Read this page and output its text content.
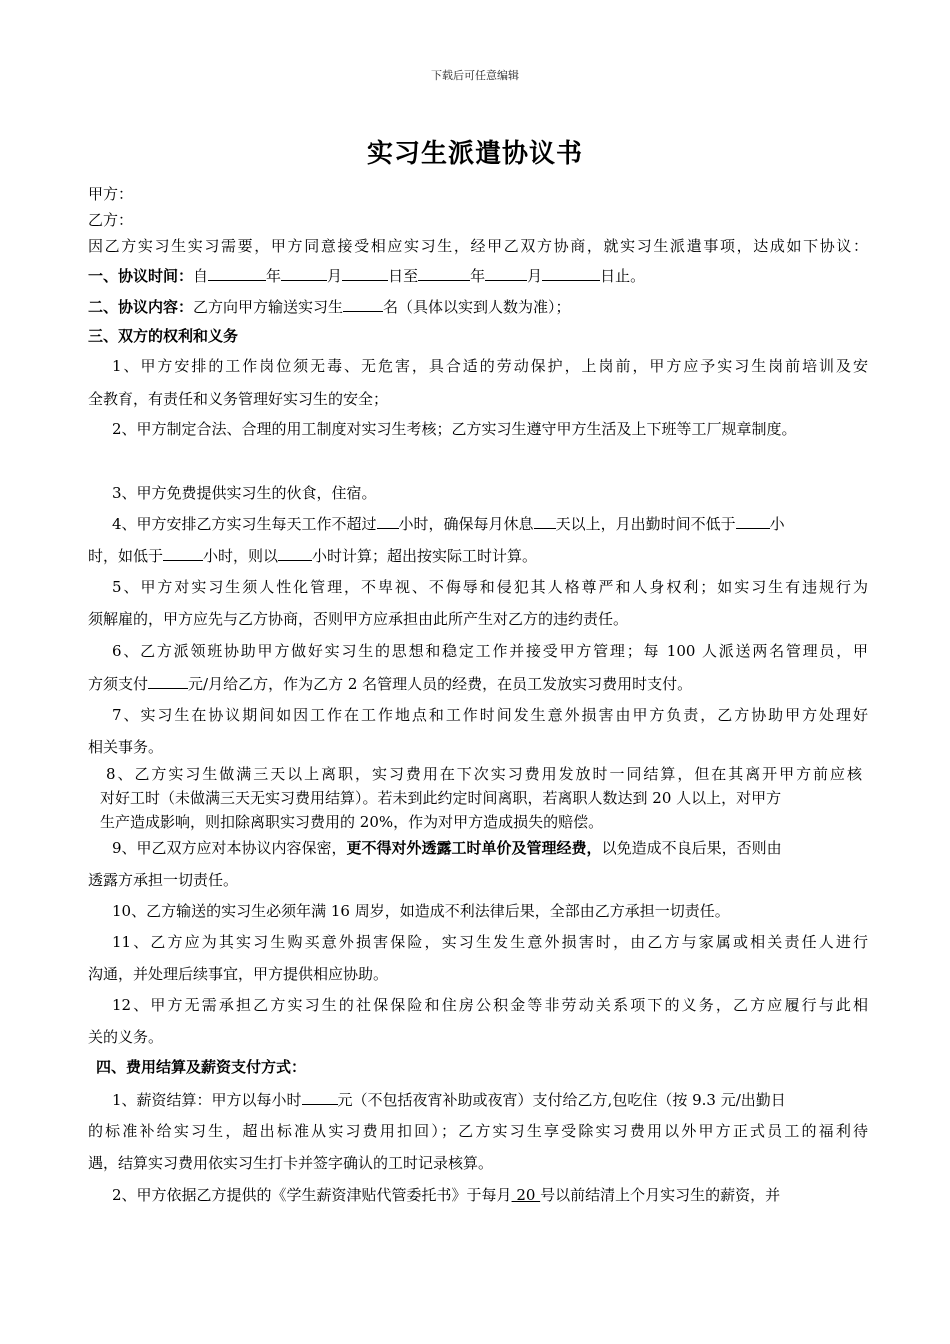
下载后可任意编辑
实习生派遣协议书
甲方：
乙方：
因乙方实习生实习需要，甲方同意接受相应实习生，经甲乙双方协商，就实习生派遣事项，达成如下协议：
一、协议时间：自	年	月	日至	年	月	日止。
二、协议内容：乙方向甲方输送实习生	名（具体以实到人数为准）；
三、双方的权利和义务
1、甲方安排的工作岗位须无毒、无危害，具合适的劳动保护，上岗前，甲方应予实习生岗前培训及安
全教育，有责任和义务管理好实习生的安全；
2、甲方制定合法、合理的用工制度对实习生考核；乙方实习生遵守甲方生活及上下班等工厂规章制度。
3、甲方免费提供实习生的伙食，住宿。
4、甲方安排乙方实习生每天工作不超过 小时，确保每月休息 天以上，月出勤时间不低于 小
时，如低于	小时，则以 小时计算；超出按实际工时计算。
5、甲方对实习生须人性化管理，不卑视、不侮辱和侵犯其人格尊严和人身权利；如实习生有违规行为
须解雇的，甲方应先与乙方协商，否则甲方应承担由此所产生对乙方的违约责任。
6、乙方派领班协助甲方做好实习生的思想和稳定工作并接受甲方管理；每 100 人派送两名管理员，甲
方须支付	元/月给乙方，作为乙方 2 名管理人员的经费，在员工发放实习费用时支付。
7、实习生在协议期间如因工作在工作地点和工作时间发生意外损害由甲方负责，乙方协助甲方处理好
相关事务。
8、乙方实习生做满三天以上离职，实习费用在下次实习费用发放时一同结算，但在其离开甲方前应核
对好工时（未做满三天无实习费用结算）。若未到此约定时间离职，若离职人数达到 20 人以上，对甲方
生产造成影响，则扣除离职实习费用的 20%，作为对甲方造成损失的赔偿。
9、甲乙双方应对本协议内容保密，更不得对外透露工时单价及管理经费，以免造成不良后果，否则由
透露方承担一切责任。
10、乙方输送的实习生必须年满 16 周岁，如造成不利法律后果，全部由乙方承担一切责任。
11、乙方应为其实习生购买意外损害保险，实习生发生意外损害时，由乙方与家属或相关责任人进行
沟通，并处理后续事宜，甲方提供相应协助。
12、甲方无需承担乙方实习生的社保保险和住房公积金等非劳动关系项下的义务，乙方应履行与此相
关的义务。
四、费用结算及薪资支付方式：
1、薪资结算：甲方以每小时 元（不包括夜宵补助或夜宵）支付给乙方,包吃住（按 9.3 元/出勤日
的标准补给实习生，超出标准从实习费用扣回）；乙方实习生享受除实习费用以外甲方正式员工的福利待
遇，结算实习费用依实习生打卡并签字确认的工时记录核算。
2、甲方依据乙方提供的《学生薪资津贴代管委托书》于每月 20 号以前结清上个月实习生的薪资，并
